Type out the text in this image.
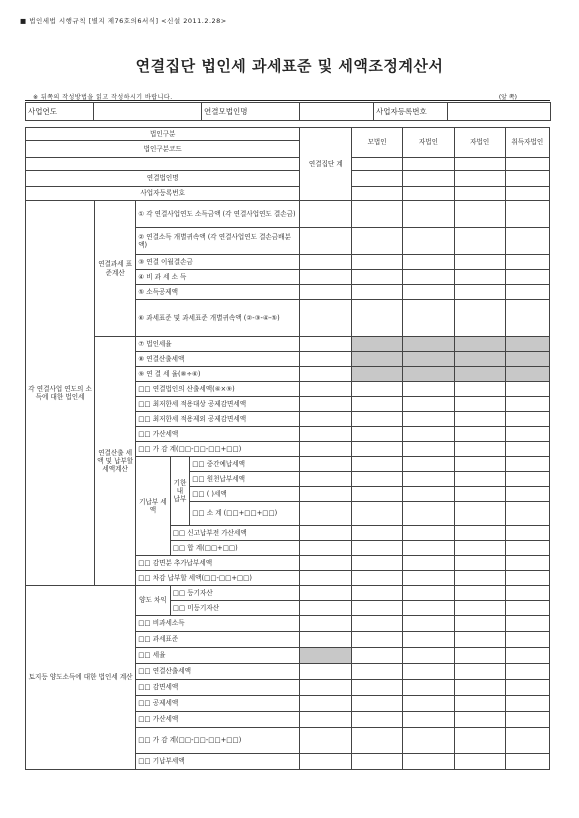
■ 법인세법 시행규칙 [별지 제76호의6서식] <신설 2011.2.28>
연결집단 법인세 과세표준 및 세액조정계산서
※ 뒤쪽의 작성방법을 읽고 작성하시기 바랍니다.	(앞 쪽)
사업연도		연결모법인명		사업자등록번호	
법인구분					연결집단 계	모법인	자법인	자법인	취득자법인
법인구분코드									

연결법인명									
사업자등록번호									
각 연결사업 연도의 소득에 대한 법인세	연결과세 표준계산	① 각 연결사업연도 소득금액 (각 연결사업연도 결손금)							
		② 연결소득 개별귀속액 (각 연결사업연도 결손금배분액)							
		③ 연결 이월결손금							
		④ 비 과 세 소 득							
		⑤ 소득공제액							
		⑥ 과세표준 및 과세표준 개별귀속액 (②-③-④-⑤)							
	연결산출 세액 및 납부할 세액계산	⑦ 법인세율							
		⑧ 연결산출세액							
		⑨ 연 결 세 율(⑧÷⑥)							
		□□ 연결법인의 산출세액(⑥×⑨)							
		□□ 최저한세 적용대상 공제감면세액							
		□□ 최저한세 적용제외 공제감면세액							
		□□ 가산세액							
		□□ 가 감 계(□□-□□-□□+□□)							
		기납부 세액	기한내 납부	□□ 중간예납세액					
				□□ 원천납부세액					
				□□ ( )세액					
				□□ 소 계 (□□+□□+□□)					
			□□ 신고납부전 가산세액						
			□□ 합 계(□□+□□)						
		□□ 감면분 추가납부세액							
		□□ 차감 납부할 세액(□□-□□+□□)							
토지등 양도소득에 대한 법인세 계산		양도 차익	□□ 등기자산						
			□□ 미등기자산						
		□□ 비과세소득							
		□□ 과세표준							
		□□ 세율							
		□□ 연결산출세액							
		□□ 감면세액							
		□□ 공제세액							
		□□ 가산세액							
		□□ 가 감 계(□□-□□-□□+□□)							
		□□ 기납부세액							
